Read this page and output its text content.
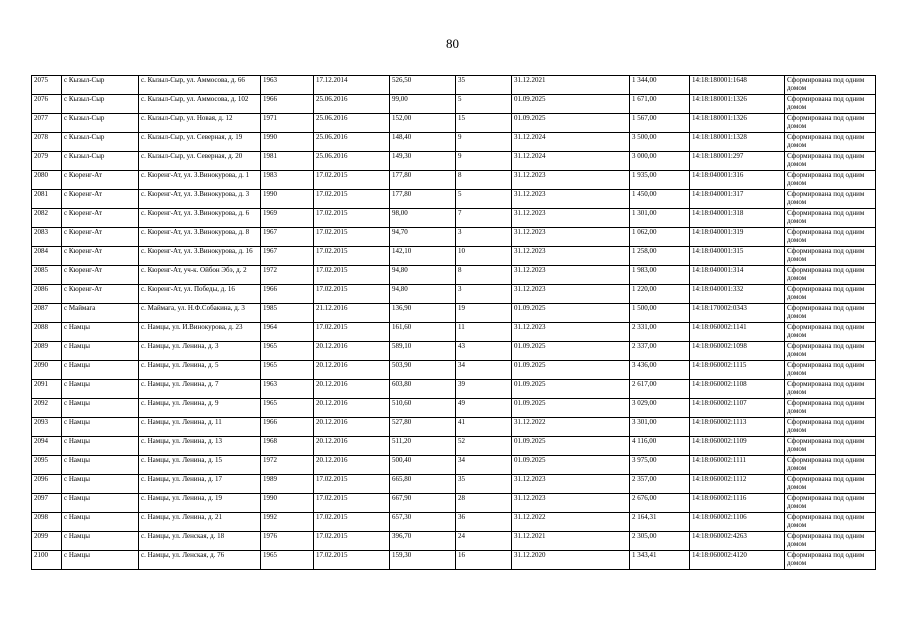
80
2075	с Кызыл-Сыр	с. Кызыл-Сыр, ул. Аммосова, д. 66	1963	17.12.2014	526,50	35	31.12.2021	1 344,00	14:18:180001:1648	Сформирована под одним домом
2076	с Кызыл-Сыр	с. Кызыл-Сыр, ул. Аммосова, д. 102	1966	25.06.2016	99,00	5	01.09.2025	1 671,00	14:18:180001:1326	Сформирована под одним домом
2077	с Кызыл-Сыр	с. Кызыл-Сыр, ул. Новая, д. 12	1971	25.06.2016	152,00	15	01.09.2025	1 567,00	14:18:180001:1326	Сформирована под одним домом
2078	с Кызыл-Сыр	с. Кызыл-Сыр, ул. Северная, д. 19	1990	25.06.2016	148,40	9	31.12.2024	3 500,00	14:18:180001:1328	Сформирована под одним домом
2079	с Кызыл-Сыр	с. Кызыл-Сыр, ул. Северная, д. 20	1981	25.06.2016	149,30	9	31.12.2024	3 000,00	14:18:180001:297	Сформирована под одним домом
2080	с Кюренг-Ат	с. Кюренг-Ат, ул. З.Винокуровa, д. 1	1983	17.02.2015	177,80	8	31.12.2023	1 935,00	14:18:040001:316	Сформирована под одним домом
2081	с Кюренг-Ат	с. Кюренг-Ат, ул. З.Винокуровa, д. 3	1990	17.02.2015	177,80	5	31.12.2023	1 450,00	14:18:040001:317	Сформирована под одним домом
2082	с Кюренг-Ат	с. Кюренг-Ат, ул. З.Винокуровa, д. 6	1969	17.02.2015	98,00	7	31.12.2023	1 301,00	14:18:040001:318	Сформирована под одним домом
2083	с Кюренг-Ат	с. Кюренг-Ат, ул. З.Винокуровa, д. 8	1967	17.02.2015	94,70	3	31.12.2023	1 062,00	14:18:040001:319	Сформирована под одним домом
2084	с Кюренг-Ат	с. Кюренг-Ат, ул. З.Винокуровa, д. 16	1967	17.02.2015	142,10	10	31.12.2023	1 258,00	14:18:040001:315	Сформирована под одним домом
2085	с Кюренг-Ат	с. Кюренг-Ат, уч-к. Ойбон Эбэ, д. 2	1972	17.02.2015	94,80	8	31.12.2023	1 983,00	14:18:040001:314	Сформирована под одним домом
2086	с Кюренг-Ат	с. Кюренг-Ат, ул. Победы, д. 16	1966	17.02.2015	94,80	3	31.12.2023	1 220,00	14:18:040001:332	Сформирована под одним домом
2087	с Маймага	с. Маймага, ул. Н.Ф.Собакина, д. 3	1985	21.12.2016	136,90	19	01.09.2025	1 500,00	14:18:170002:0343	Сформирована под одним домом
2088	с Намцы	с. Намцы, ул. И.Винокурова, д. 23	1964	17.02.2015	161,60	11	31.12.2023	2 331,00	14:18:060002:1141	Сформирована под одним домом
2089	с Намцы	с. Намцы, ул. Ленина, д. 3	1965	20.12.2016	589,10	43	01.09.2025	2 337,00	14:18:060002:1098	Сформирована под одним домом
2090	с Намцы	с. Намцы, ул. Ленина, д. 5	1965	20.12.2016	503,90	34	01.09.2025	3 436,00	14:18:060002:1115	Сформирована под одним домом
2091	с Намцы	с. Намцы, ул. Ленина, д. 7	1963	20.12.2016	603,80	39	01.09.2025	2 617,00	14:18:060002:1108	Сформирована под одним домом
2092	с Намцы	с. Намцы, ул. Ленина, д. 9	1965	20.12.2016	510,60	49	01.09.2025	3 029,00	14:18:060002:1107	Сформирована под одним домом
2093	с Намцы	с. Намцы, ул. Ленина, д. 11	1966	20.12.2016	527,80	41	31.12.2022	3 301,00	14:18:060002:1113	Сформирована под одним домом
2094	с Намцы	с. Намцы, ул. Ленина, д. 13	1968	20.12.2016	511,20	52	01.09.2025	4 116,00	14:18:060002:1109	Сформирована под одним домом
2095	с Намцы	с. Намцы, ул. Ленина, д. 15	1972	20.12.2016	500,40	34	01.09.2025	3 975,00	14:18:060002:1111	Сформирована под одним домом
2096	с Намцы	с. Намцы, ул. Ленина, д. 17	1989	17.02.2015	665,80	35	31.12.2023	2 357,00	14:18:060002:1112	Сформирована под одним домом
2097	с Намцы	с. Намцы, ул. Ленина, д. 19	1990	17.02.2015	667,90	28	31.12.2023	2 676,00	14:18:060002:1116	Сформирована под одним домом
2098	с Намцы	с. Намцы, ул. Ленина, д. 21	1992	17.02.2015	657,30	36	31.12.2022	2 164,31	14:18:060002:1106	Сформирована под одним домом
2099	с Намцы	с. Намцы, ул. Ленская, д. 18	1976	17.02.2015	396,70	24	31.12.2021	2 305,00	14:18:060002:4263	Сформирована под одним домом
2100	с Намцы	с. Намцы, ул. Ленская, д. 76	1965	17.02.2015	159,30	16	31.12.2020	1 343,41	14:18:060002:4120	Сформирована под одним домом
